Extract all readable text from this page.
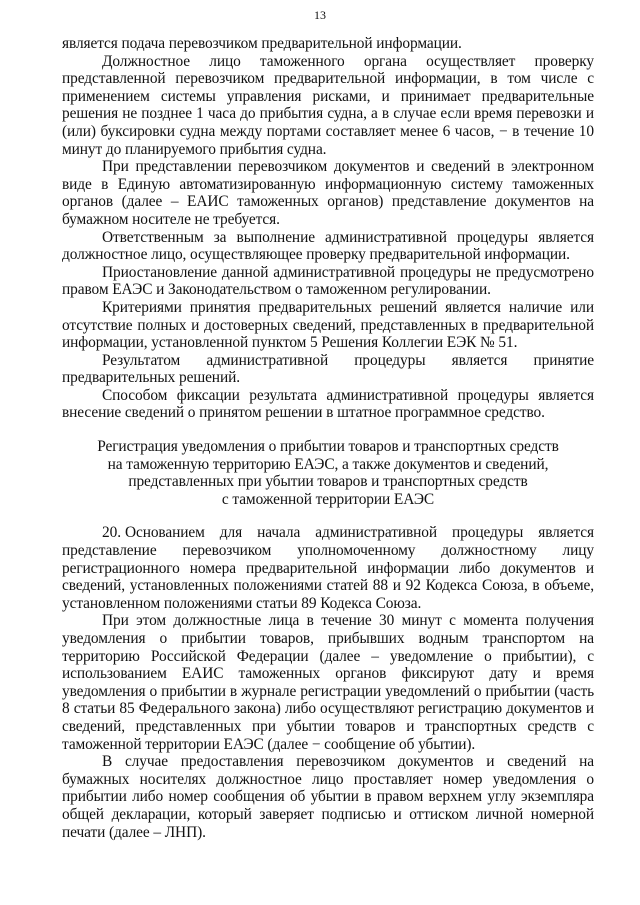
13

является подача перевозчиком предварительной информации.

Должностное лицо таможенного органа осуществляет проверку представленной перевозчиком предварительной информации, в том числе с применением системы управления рисками, и принимает предварительные решения не позднее 1 часа до прибытия судна, а в случае если время перевозки и (или) буксировки судна между портами составляет менее 6 часов, − в течение 10 минут до планируемого прибытия судна.

При представлении перевозчиком документов и сведений в электронном виде в Единую автоматизированную информационную систему таможенных органов (далее – ЕАИС таможенных органов) представление документов на бумажном носителе не требуется.

Ответственным за выполнение административной процедуры является должностное лицо, осуществляющее проверку предварительной информации.

Приостановление данной административной процедуры не предусмотрено правом ЕАЭС и Законодательством о таможенном регулировании.

Критериями принятия предварительных решений является наличие или отсутствие полных и достоверных сведений, представленных в предварительной информации, установленной пунктом 5 Решения Коллегии ЕЭК № 51.

Результатом административной процедуры является принятие предварительных решений.

Способом фиксации результата административной процедуры является внесение сведений о принятом решении в штатное программное средство.

Регистрация уведомления о прибытии товаров и транспортных средств
на таможенную территорию ЕАЭС, а также документов и сведений,
представленных при убытии товаров и транспортных средств
с таможенной территории ЕАЭС

20. Основанием для начала административной процедуры является представление перевозчиком уполномоченному должностному лицу регистрационного номера предварительной информации либо документов и сведений, установленных положениями статей 88 и 92 Кодекса Союза, в объеме, установленном положениями статьи 89 Кодекса Союза.

При этом должностные лица в течение 30 минут с момента получения уведомления о прибытии товаров, прибывших водным транспортом на территорию Российской Федерации (далее – уведомление о прибытии), с использованием ЕАИС таможенных органов фиксируют дату и время уведомления о прибытии в журнале регистрации уведомлений о прибытии (часть 8 статьи 85 Федерального закона) либо осуществляют регистрацию документов и сведений, представленных при убытии товаров и транспортных средств с таможенной территории ЕАЭС (далее − сообщение об убытии).

В случае предоставления перевозчиком документов и сведений на бумажных носителях должностное лицо проставляет номер уведомления о прибытии либо номер сообщения об убытии в правом верхнем углу экземпляра общей декларации, который заверяет подписью и оттиском личной номерной печати (далее – ЛНП).
